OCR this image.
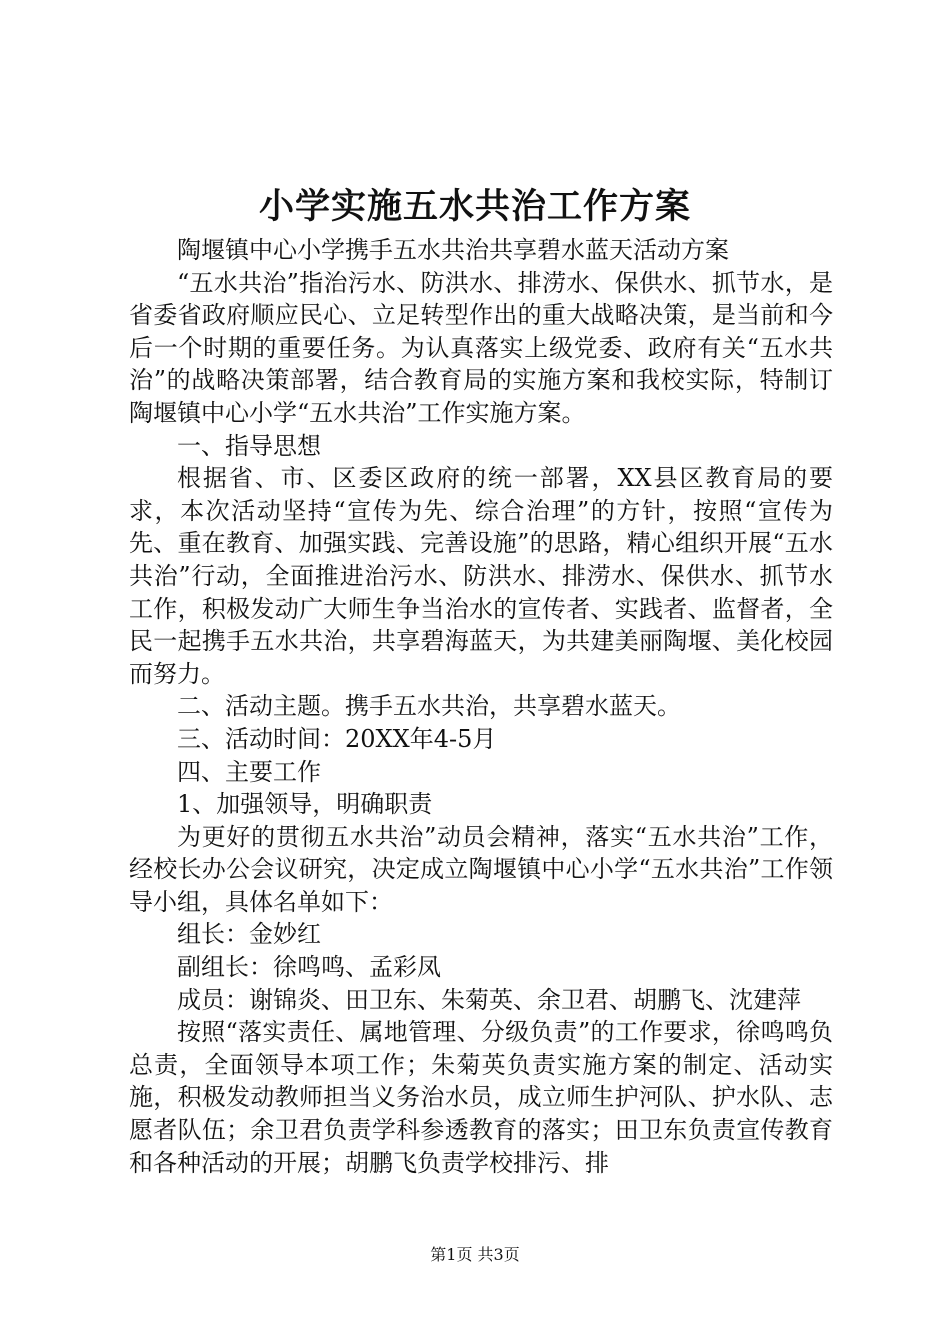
小学实施五水共治工作方案

陶堰镇中心小学携手五水共治共享碧水蓝天活动方案

“五水共治”指治污水、防洪水、排涝水、保供水、抓节水，是省委省政府顺应民心、立足转型作出的重大战略决策，是当前和今后一个时期的重要任务。为认真落实上级党委、政府有关“五水共治”的战略决策部署，结合教育局的实施方案和我校实际，特制订陶堰镇中心小学“五水共治”工作实施方案。

一、指导思想

根据省、市、区委区政府的统一部署，XX县区教育局的要求，本次活动坚持“宣传为先、综合治理”的方针，按照“宣传为先、重在教育、加强实践、完善设施”的思路，精心组织开展“五水共治”行动，全面推进治污水、防洪水、排涝水、保供水、抓节水工作，积极发动广大师生争当治水的宣传者、实践者、监督者，全民一起携手五水共治，共享碧海蓝天，为共建美丽陶堰、美化校园而努力。

二、活动主题。携手五水共治，共享碧水蓝天。

三、活动时间：20XX年4-5月

四、主要工作

1、加强领导，明确职责

为更好的贯彻五水共治”动员会精神，落实“五水共治”工作，经校长办公会议研究，决定成立陶堰镇中心小学“五水共治”工作领导小组，具体名单如下：

组长：金妙红

副组长：徐鸣鸣、孟彩凤

成员：谢锦炎、田卫东、朱菊英、余卫君、胡鹏飞、沈建萍

按照“落实责任、属地管理、分级负责”的工作要求，徐鸣鸣负总责，全面领导本项工作；朱菊英负责实施方案的制定、活动实施，积极发动教师担当义务治水员，成立师生护河队、护水队、志愿者队伍；余卫君负责学科参透教育的落实；田卫东负责宣传教育和各种活动的开展；胡鹏飞负责学校排污、排

第1页 共3页
